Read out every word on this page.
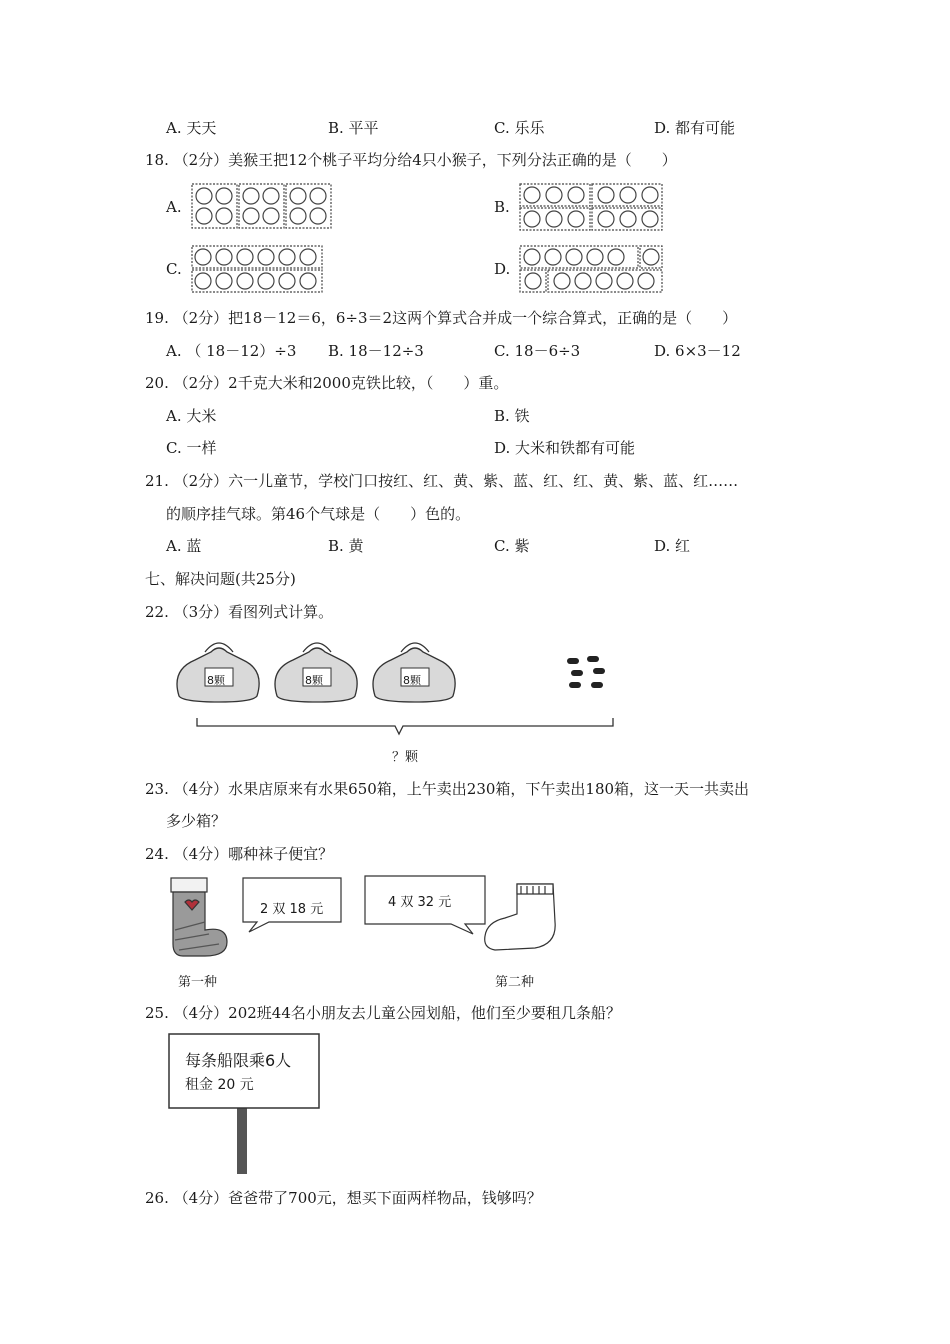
A. 天天	B. 平平	C. 乐乐	D. 都有可能
18. （2分）美猴王把12个桃子平均分给4只小猴子，下列分法正确的是（　　）
A.	B.
C.	D.
19. （2分）把18－12＝6，6÷3＝2这两个算式合并成一个综合算式，正确的是（　　）
A. （ 18－12）÷3 B. 18－12÷3	C. 18－6÷3	D. 6×3－12
20. （2分）2千克大米和2000克铁比较，（　　）重。
A. 大米	B. 铁
C. 一样	D. 大米和铁都有可能
21. （2分）六一儿童节，学校门口按红、红、黄、紫、蓝、红、红、黄、紫、蓝、红……
的顺序挂气球。第46个气球是（　　）色的。
A. 蓝	B. 黄	C. 紫	D. 红
七、解决问题(共25分)
22. （3分）看图列式计算。
8颗	8颗	8颗
？颗
23. （4分）水果店原来有水果650箱，上午卖出230箱，下午卖出180箱，这一天一共卖出
多少箱？
24. （4分）哪种袜子便宜？
2 双 18 元	4 双 32 元
第一种	第二种
25. （4分）202班44名小朋友去儿童公园划船，他们至少要租几条船？
每条船限乘6人
租金 20 元
26. （4分）爸爸带了700元，想买下面两样物品，钱够吗？
